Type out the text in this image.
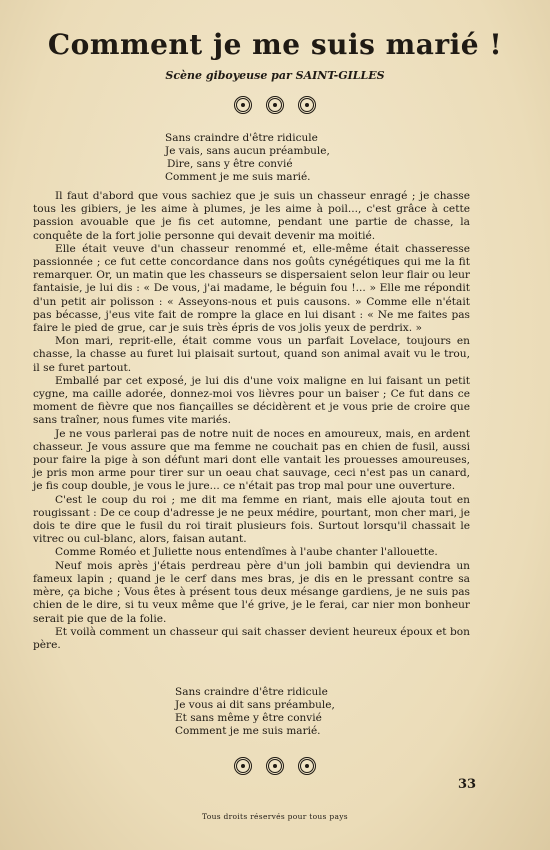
Comment je me suis marié !
Scène giboyeuse par SAINT-GILLES
Sans craindre d'être ridicule
Je vais, sans aucun préambule,
Dire, sans y être convié
Comment je me suis marié.

Il faut d'abord que vous sachiez que je suis un chasseur enragé ; je chasse tous les gibiers, je les aime à plumes, je les aime à poil..., c'est grâce à cette passion avouable que je fis cet automne, pendant une partie de chasse, la conquête de la fort jolie personne qui devait devenir ma moitié.

Elle était veuve d'un chasseur renommé et, elle-même était chasseresse passionnée ; ce fut cette concordance dans nos goûts cynégétiques qui me la fit remarquer. Or, un matin que les chasseurs se dispersaient selon leur flair ou leur fantaisie, je lui dis : « De vous, j'ai madame, le béguin fou !... » Elle me répondit d'un petit air polisson : « Asseyons-nous et puis causons. » Comme elle n'était pas bécasse, j'eus vite fait de rompre la glace en lui disant : « Ne me faites pas faire le pied de grue, car je suis très épris de vos jolis yeux de perdrix. »

Mon mari, reprit-elle, était comme vous un parfait Lovelace, toujours en chasse, la chasse au furet lui plaisait surtout, quand son animal avait vu le trou, il se furet partout.

Emballé par cet exposé, je lui dis d'une voix maligne en lui faisant un petit cygne, ma caille adorée, donnez-moi vos lièvres pour un baiser ; Ce fut dans ce moment de fièvre que nos fiançailles se décidèrent et je vous prie de croire que sans traîner, nous fumes vite mariés.

Je ne vous parlerai pas de notre nuit de noces en amoureux, mais, en ardent chasseur. Je vous assure que ma femme ne couchait pas en chien de fusil, aussi pour faire la pige à son défunt mari dont elle vantait les prouesses amoureuses, je pris mon arme pour tirer sur un oeau chat sauvage, ceci n'est pas un canard, je fis coup double, je vous le jure... ce n'était pas trop mal pour une ouverture.

C'est le coup du roi ; me dit ma femme en riant, mais elle ajouta tout en rougissant : De ce coup d'adresse je ne peux médire, pourtant, mon cher mari, je dois te dire que le fusil du roi tirait plusieurs fois. Surtout lorsqu'il chassait le vitrec ou cul-blanc, alors, faisan autant.

Comme Roméo et Juliette nous entendîmes à l'aube chanter l'allouette.

Neuf mois après j'étais perdreau père d'un joli bambin qui deviendra un fameux lapin ; quand je le cerf dans mes bras, je dis en le pressant contre sa mère, ça biche ; Vous êtes à présent tous deux mésange gardiens, je ne suis pas chien de le dire, si tu veux même que l'é grive, je le ferai, car nier mon bonheur serait pie que de la folie.

Et voilà comment un chasseur qui sait chasser devient heureux époux et bon père.

Sans craindre d'être ridicule
Je vous ai dit sans préambule,
Et sans même y être convié
Comment je me suis marié.
33
Tous droits réservés pour tous pays
